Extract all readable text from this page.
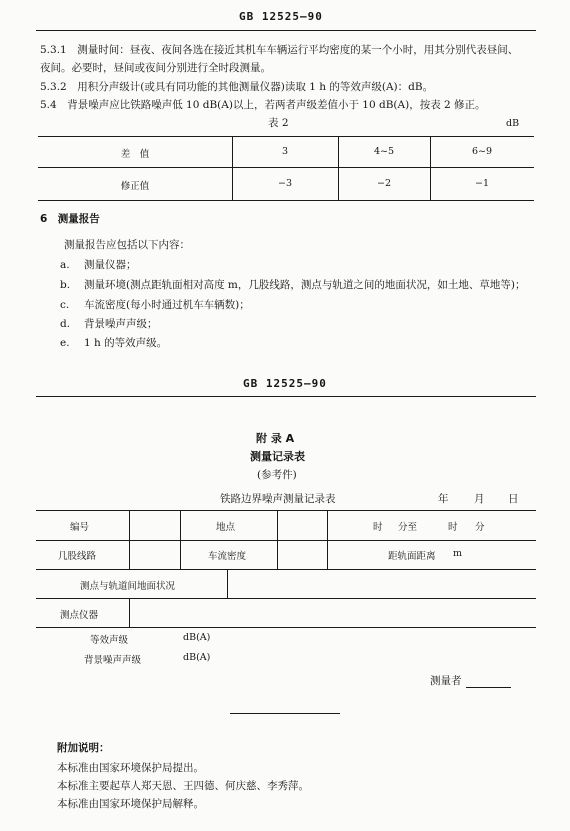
GB 12525—90
5.3.1　测量时间：昼夜、夜间各选在接近其机车车辆运行平均密度的某一个小时，用其分别代表昼间、
夜间。必要时，昼间或夜间分别进行全时段测量。
5.3.2　用积分声级计(或具有同功能的其他测量仪器)读取 1 h 的等效声级(A)：dB。
5.4　背景噪声应比铁路噪声低 10 dB(A)以上，若两者声级差值小于 10 dB(A)，按表 2 修正。
表 2	dB
差　值	3	4~5	6~9
修正值	−3	−2	−1
6　测量报告
测量报告应包括以下内容：
a. 测量仪器；
b. 测量环境(测点距轨面相对高度 m，几股线路，测点与轨道之间的地面状况，如土地、草地等)；
c. 车流密度(每小时通过机车车辆数)；
d. 背景噪声声级；
e. 1 h 的等效声级。
GB 12525—90
附 录 A
测量记录表
(参考件)
铁路边界噪声测量记录表	年 月 日
编号	地点	时 分至	时 分
几股线路	车流密度	距轨面距离 m
测点与轨道间地面状况
测点仪器
等效声级	dB(A)
背景噪声声级	dB(A)
测量者
附加说明：
本标准由国家环境保护局提出。
本标准主要起草人郑天恩、王四德、何庆慈、李秀萍。
本标准由国家环境保护局解释。
